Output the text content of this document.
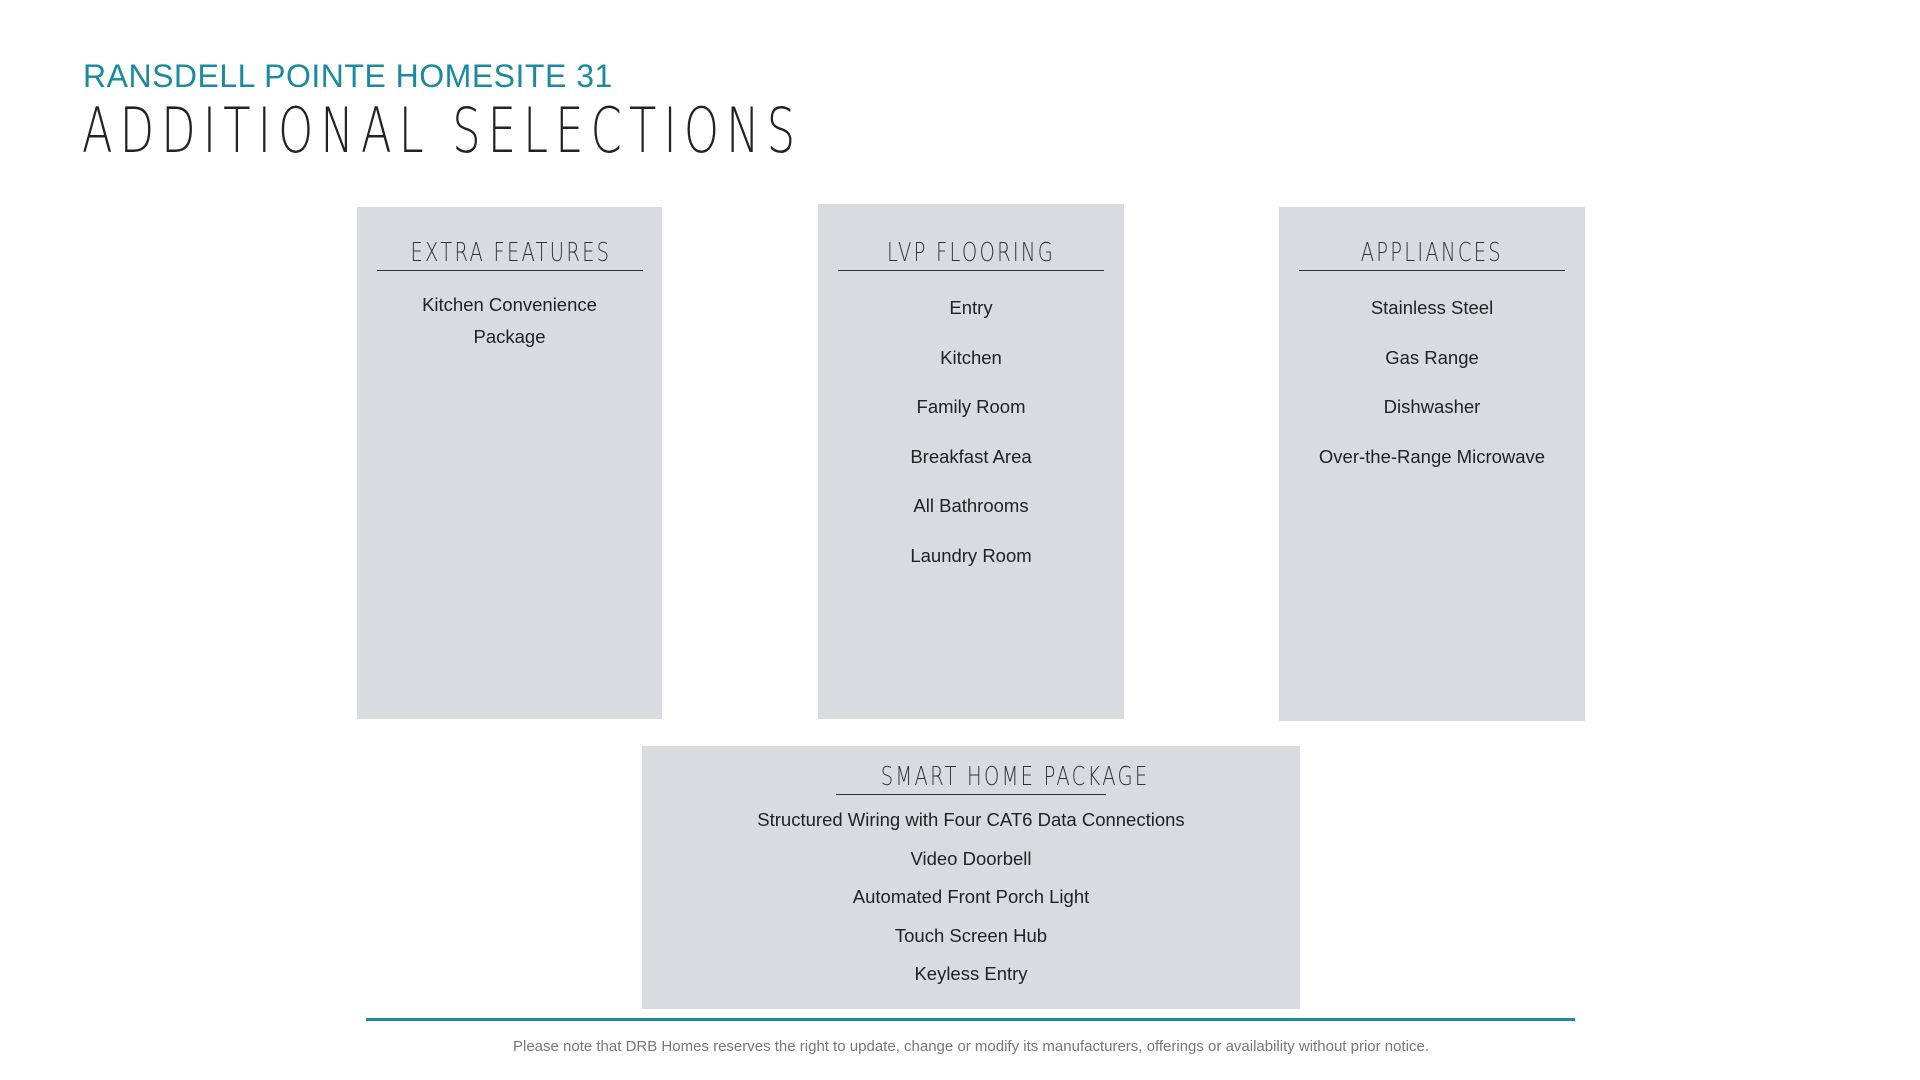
RANSDELL POINTE HOMESITE 31
ADDITIONAL SELECTIONS
EXTRA FEATURES
Kitchen Convenience Package
LVP FLOORING
Entry
Kitchen
Family Room
Breakfast Area
All Bathrooms
Laundry Room
APPLIANCES
Stainless Steel
Gas Range
Dishwasher
Over-the-Range Microwave
SMART HOME PACKAGE
Structured Wiring with Four CAT6 Data Connections
Video Doorbell
Automated Front Porch Light
Touch Screen Hub
Keyless Entry
Please note that DRB Homes reserves the right to update, change or modify its manufacturers, offerings or availability without prior notice.
